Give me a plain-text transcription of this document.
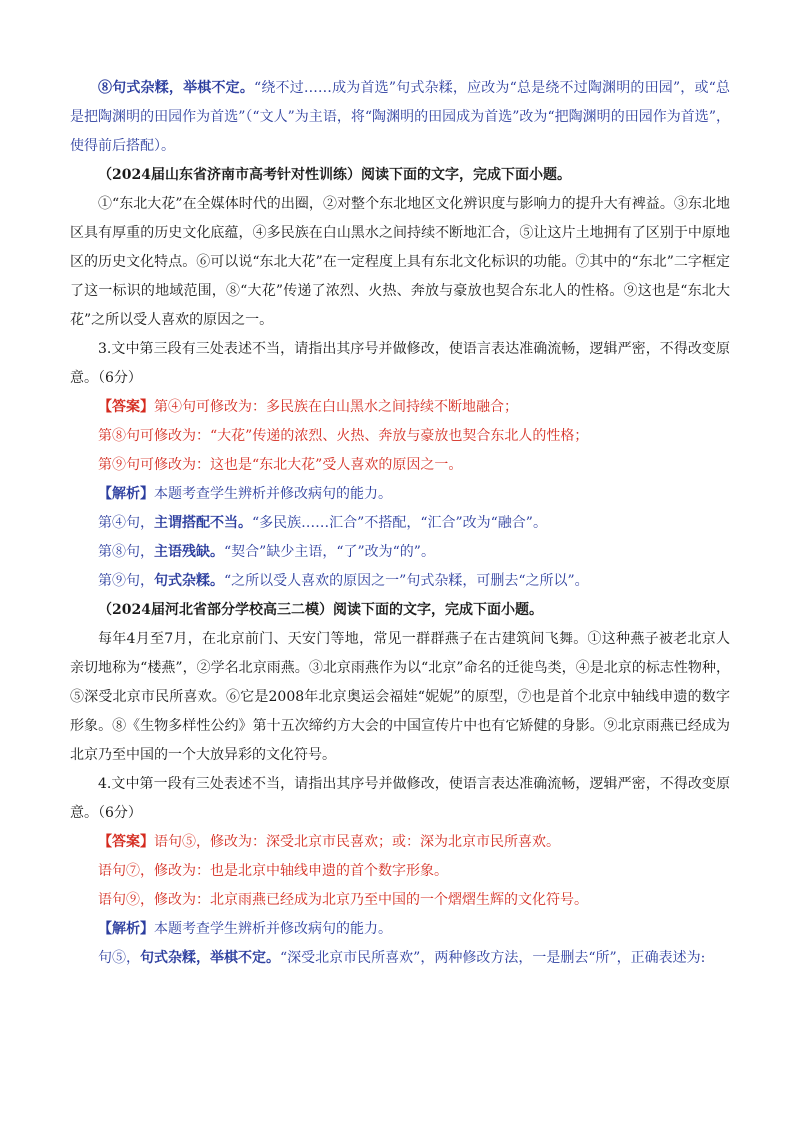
⑧句式杂糅，举棋不定。“绕不过……成为首选”句式杂糅，应改为“总是绕不过陶渊明的田园”，或“总是把陶渊明的田园作为首选”（“文人”为主语，将“陶渊明的田园成为首选”改为“把陶渊明的田园作为首选”，使得前后搭配）。

（2024届山东省济南市高考针对性训练）阅读下面的文字，完成下面小题。

①“东北大花”在全媒体时代的出圈，②对整个东北地区文化辨识度与影响力的提升大有裨益。③东北地区具有厚重的历史文化底蕴，④多民族在白山黑水之间持续不断地汇合，⑤让这片土地拥有了区别于中原地区的历史文化特点。⑥可以说“东北大花”在一定程度上具有东北文化标识的功能。⑦其中的“东北”二字框定了这一标识的地域范围，⑧“大花”传递了浓烈、火热、奔放与豪放也契合东北人的性格。⑨这也是“东北大花”之所以受人喜欢的原因之一。

3.文中第三段有三处表述不当，请指出其序号并做修改，使语言表达准确流畅，逻辑严密，不得改变原意。（6分）

【答案】第④句可修改为：多民族在白山黑水之间持续不断地融合；

第⑧句可修改为：“大花”传递的浓烈、火热、奔放与豪放也契合东北人的性格；

第⑨句可修改为：这也是“东北大花”受人喜欢的原因之一。

【解析】本题考查学生辨析并修改病句的能力。

第④句，主谓搭配不当。“多民族……汇合”不搭配，“汇合”改为“融合”。

第⑧句，主语残缺。“契合”缺少主语，“了”改为“的”。

第⑨句，句式杂糅。“之所以受人喜欢的原因之一”句式杂糅，可删去“之所以”。

（2024届河北省部分学校高三二模）阅读下面的文字，完成下面小题。

每年4月至7月，在北京前门、天安门等地，常见一群群燕子在古建筑间飞舞。①这种燕子被老北京人亲切地称为“楼燕”，②学名北京雨燕。③北京雨燕作为以“北京”命名的迁徙鸟类，④是北京的标志性物种，⑤深受北京市民所喜欢。⑥它是2008年北京奥运会福娃“妮妮”的原型，⑦也是首个北京中轴线申遗的数字形象。⑧《生物多样性公约》第十五次缔约方大会的中国宣传片中也有它矫健的身影。⑨北京雨燕已经成为北京乃至中国的一个大放异彩的文化符号。

4.文中第一段有三处表述不当，请指出其序号并做修改，使语言表达准确流畅，逻辑严密，不得改变原意。（6分）

【答案】语句⑤，修改为：深受北京市民喜欢；或：深为北京市民所喜欢。

语句⑦，修改为：也是北京中轴线申遗的首个数字形象。

语句⑨，修改为：北京雨燕已经成为北京乃至中国的一个熠熠生辉的文化符号。

【解析】本题考查学生辨析并修改病句的能力。

句⑤，句式杂糅，举棋不定。“深受北京市民所喜欢”，两种修改方法，一是删去“所”，正确表述为:
